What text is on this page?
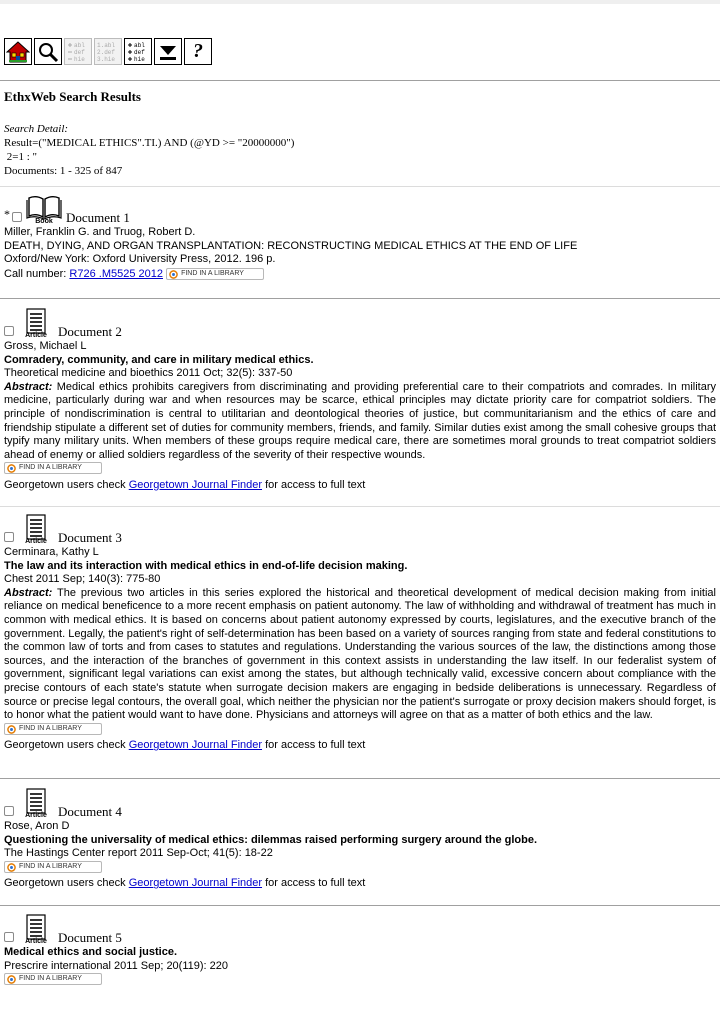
abl
def
hie
1.abl
2.def
3.hie
abl
def
hie ?
EthxWeb Search Results
Search Detail:
Result=("MEDICAL ETHICS".TI.) AND (@YD >= "20000000")
2=1 : "
Documents: 1 - 325 of 847
*
Book	Document 1
Miller, Franklin G. and Truog, Robert D.
DEATH, DYING, AND ORGAN TRANSPLANTATION: RECONSTRUCTING MEDICAL ETHICS AT THE END OF LIFE
Oxford/New York: Oxford University Press, 2012. 196 p.
Call number: R726 .M5525 2012	FIND IN A LIBRARY
Article Document 2
Gross, Michael L
Comradery, community, and care in military medical ethics.
Theoretical medicine and bioethics 2011 Oct; 32(5): 337-50
Abstract: Medical ethics prohibits caregivers from discriminating and providing preferential care to their compatriots and comrades. In military medicine, particularly during war and when resources may be scarce, ethical principles may dictate priority care for compatriot soldiers. The principle of nondiscrimination is central to utilitarian and deontological theories of justice, but communitarianism and the ethics of care and friendship stipulate a different set of duties for community members, friends, and family. Similar duties exist among the small cohesive groups that typify many military units. When members of these groups require medical care, there are sometimes moral grounds to treat compatriot soldiers ahead of enemy or allied soldiers regardless of the severity of their respective wounds.
FIND IN A LIBRARY
Georgetown users check Georgetown Journal Finder for access to full text
Article Document 3
Cerminara, Kathy L
The law and its interaction with medical ethics in end-of-life decision making.
Chest 2011 Sep; 140(3): 775-80
Abstract: The previous two articles in this series explored the historical and theoretical development of medical decision making from initial reliance on medical beneficence to a more recent emphasis on patient autonomy. The law of withholding and withdrawal of treatment has much in common with medical ethics. It is based on concerns about patient autonomy expressed by courts, legislatures, and the executive branch of the government. Legally, the patient's right of self-determination has been based on a variety of sources ranging from state and federal constitutions to the common law of torts and from cases to statutes and regulations. Understanding the various sources of the law, the distinctions among those sources, and the interaction of the branches of government in this context assists in understanding the law itself. In our federalist system of government, significant legal variations can exist among the states, but although technically valid, excessive concern about compliance with the precise contours of each state's statute when surrogate decision makers are engaging in bedside deliberations is unnecessary. Regardless of source or precise legal contours, the overall goal, which neither the physician nor the patient's surrogate or proxy decision makers should forget, is to honor what the patient would want to have done. Physicians and attorneys will agree on that as a matter of both ethics and the law.
FIND IN A LIBRARY
Georgetown users check Georgetown Journal Finder for access to full text
Article Document 4
Rose, Aron D
Questioning the universality of medical ethics: dilemmas raised performing surgery around the globe.
The Hastings Center report 2011 Sep-Oct; 41(5): 18-22
FIND IN A LIBRARY
Georgetown users check Georgetown Journal Finder for access to full text
Article Document 5
Medical ethics and social justice.
Prescrire international 2011 Sep; 20(119): 220
FIND IN A LIBRARY
